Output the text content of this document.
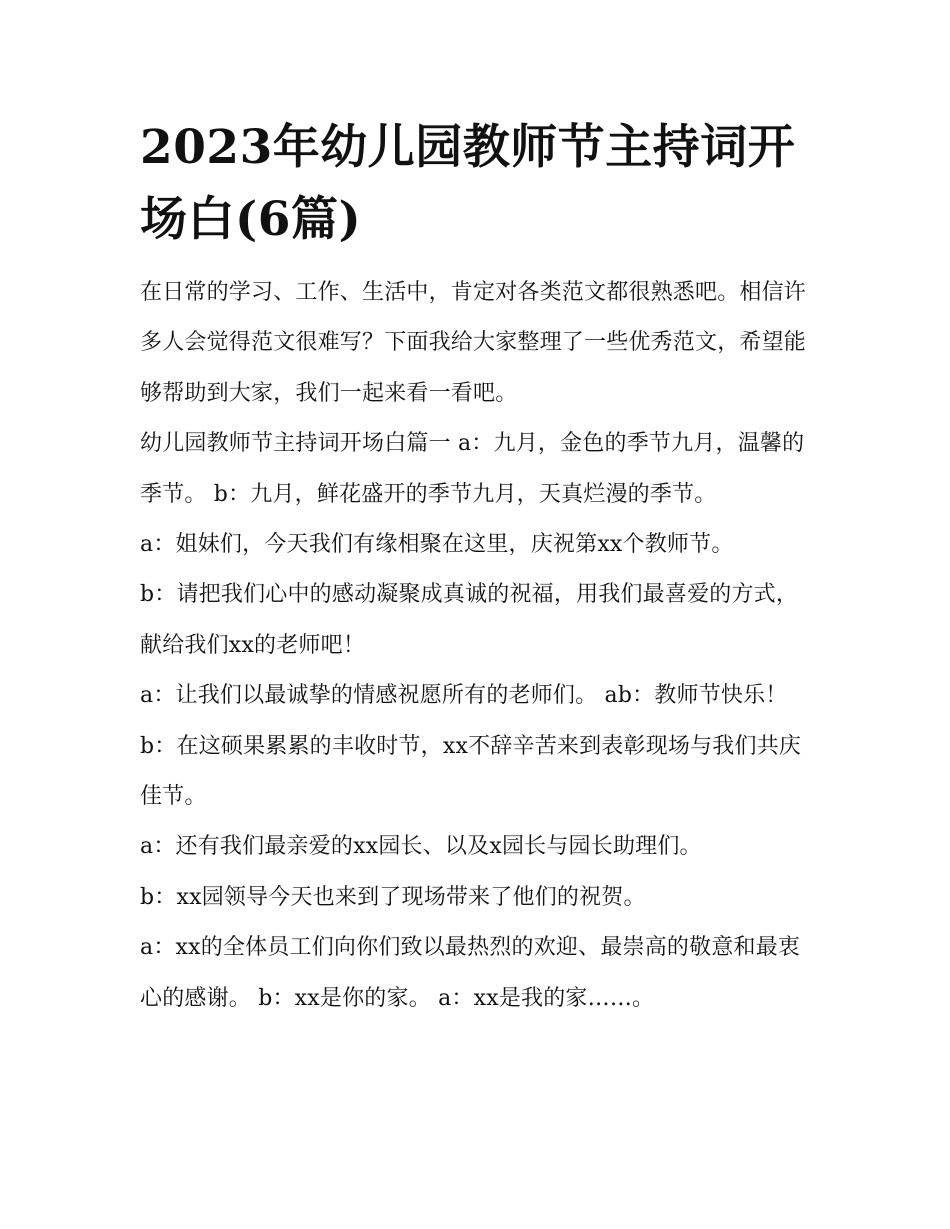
2023年幼儿园教师节主持词开场白(6篇)

在日常的学习、工作、生活中，肯定对各类范文都很熟悉吧。相信许多人会觉得范文很难写？下面我给大家整理了一些优秀范文，希望能够帮助到大家，我们一起来看一看吧。

幼儿园教师节主持词开场白篇一 a：九月，金色的季节九月，温馨的季节。 b：九月，鲜花盛开的季节九月，天真烂漫的季节。

a：姐妹们，今天我们有缘相聚在这里，庆祝第xx个教师节。

b：请把我们心中的感动凝聚成真诚的祝福，用我们最喜爱的方式，献给我们xx的老师吧！

a：让我们以最诚挚的情感祝愿所有的老师们。 ab：教师节快乐！ b：在这硕果累累的丰收时节，xx不辞辛苦来到表彰现场与我们共庆佳节。

a：还有我们最亲爱的xx园长、以及x园长与园长助理们。

b：xx园领导今天也来到了现场带来了他们的祝贺。

a：xx的全体员工们向你们致以最热烈的欢迎、最崇高的敬意和最衷心的感谢。 b：xx是你的家。 a：xx是我的家……。
